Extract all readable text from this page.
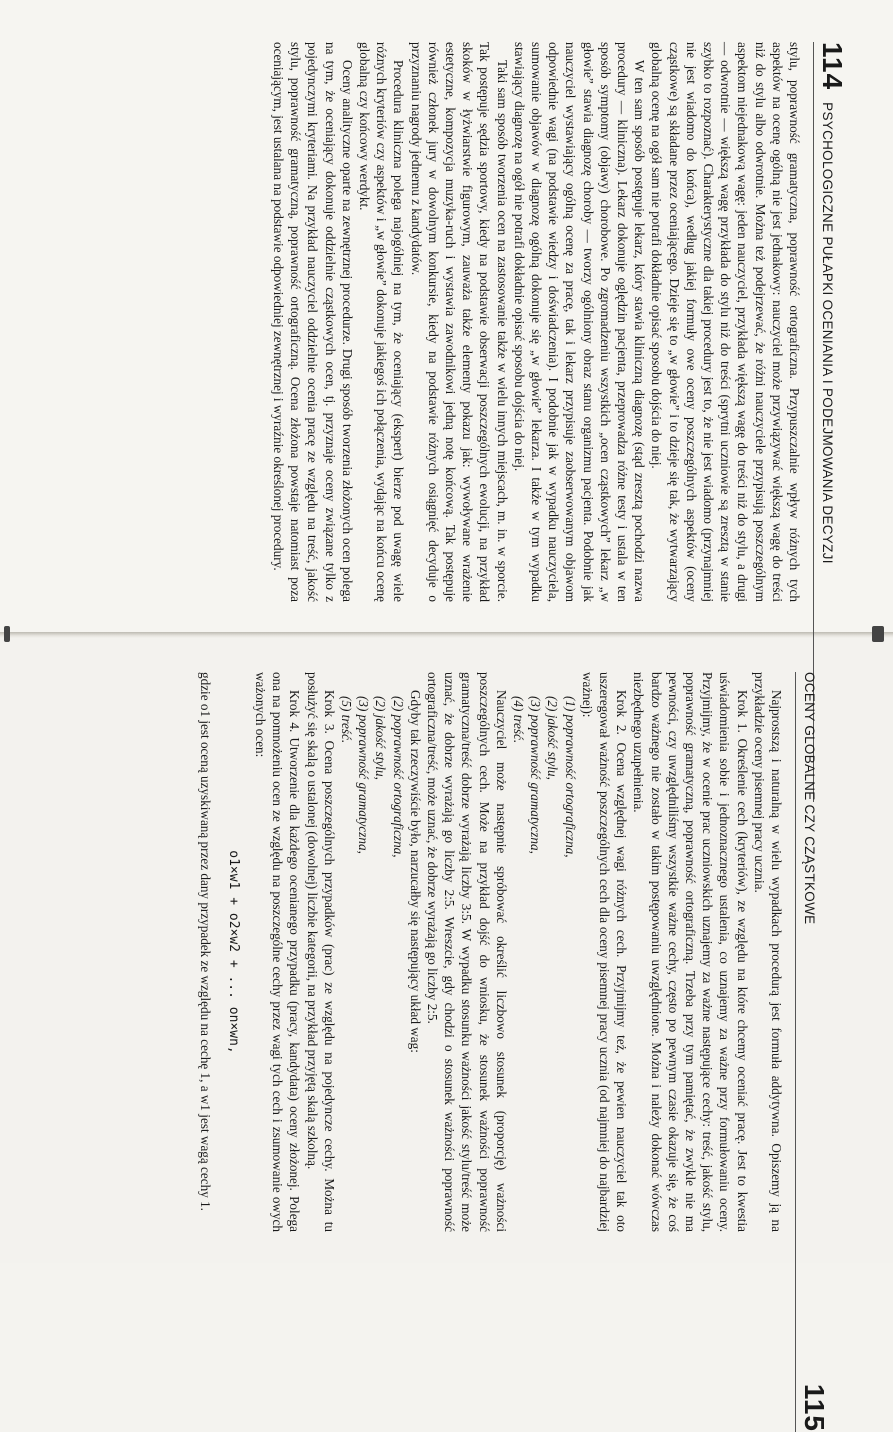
114
PSYCHOLOGICZNE PUŁAPKI OCENIANIA I PODEJMOWANIA DECYZJI

stylu, poprawność gramatyczna, poprawność ortograficzna. Przypuszczalnie wpływ różnych tych aspektów na ocenę ogólną nie jest jednakowy: nauczyciel może przywiązywać większą wagę do treści niż do stylu albo odwrotnie. Można też podejrzewać, że różni nauczyciele przypisują poszczególnym aspektom niejednakową wagę: jeden nauczyciel, przykłada większą wagę do treści niż do stylu, a drugi — odwrotnie — większą wagę przykłada do stylu niż do treści (sprytni uczniowie są zresztą w stanie szybko to rozpoznać). Charakterystyczne dla takiej procedury jest to, że nie jest wiadomo (przynajmniej nie jest wiadomo do końca), według jakiej formuły owe oceny poszczególnych aspektów (oceny cząstkowe) są składane przez oceniającego. Dzieje się to „w głowie” i to dzieje się tak, że wytwarzający globalną ocenę na ogół sam nie potrafi dokładnie opisać sposobu dojścia do niej.

W ten sam sposób postępuje lekarz, który stawia kliniczną diagnozę (stąd zresztą pochodzi nazwa procedury — kliniczna). Lekarz dokonuje oględzin pacjenta, przeprowadza różne testy i ustala w ten sposób symptomy (objawy) chorobowe. Po zgromadzeniu wszystkich „ocen cząstkowych” lekarz „w głowie” stawia diagnozę choroby — tworzy ogólniony obraz stanu organizmu pacjenta. Podobnie jak nauczyciel wystawiający ogólną ocenę za pracę, tak i lekarz przypisuje zaobserwowanym objawom odpowiednie wagi (na podstawie wiedzy i doświadczenia). I podobnie jak w wypadku nauczyciela, sumowanie objawów w diagnozę ogólną dokonuje się „w głowie” lekarza. I także w tym wypadku stawiający diagnozę na ogół nie potrafi dokładnie opisać sposobu dojścia do niej.

Taki sam sposób tworzenia ocen na zastosowanie także w wielu innych miejscach, m. in. w sporcie. Tak postępuje sędzia sportowy, kiedy na podstawie obserwacji poszczególnych ewolucji, na przykład skoków w łyżwiarstwie figurowym, zauważa także elementy pokazu jak: wywoływane wrażenie estetyczne, kompozycja muzyka-ruch i wystawia zawodnikowi jedną notę końcową. Tak postępuje również członek jury w dowolnym konkursie, kiedy na podstawie różnych osiągnięć decyduje o przyznaniu nagrody jednemu z kandydatów.

Procedura kliniczna polega najogólniej na tym, że oceniający (ekspert) bierze pod uwagę wiele różnych kryteriów czy aspektów i „w głowie” dokonuje jakiegoś ich połączenia, wydając na końcu ocenę globalną czy końcowy werdykt.

Oceny analityczne oparte na zewnętrznej procedurze. Drugi sposób tworzenia złożonych ocen polega na tym, że oceniający dokonuje oddzielnie cząstkowych ocen, tj. przyznaje oceny związane tylko z pojedynczymi kryteriami. Na przykład nauczyciel oddzielnie ocenia pracę ze względu na treść, jakość stylu, poprawność gramatyczną, poprawność ortograficzną. Ocena złożona powstaje natomiast poza oceniającym, jest ustalana na podstawie odpowiedniej zewnętrznej i wyraźnie określonej procedury.

OCENY GLOBALNE CZY CZĄSTKOWE
115

Najprostszą i naturalną w wielu wypadkach procedurą jest formuła addytywna. Opiszemy ją na przykładzie oceny pisemnej pracy ucznia.

Krok 1. Określenie cech (kryteriów), ze względu na które chcemy oceniać pracę. Jest to kwestia uświadomienia sobie i jednoznacznego ustalenia, co uznajemy za ważne przy formułowaniu oceny. Przyjmijmy, że w ocenie prac uczniowskich uznajemy za ważne następujące cechy: treść, jakość stylu, poprawność gramatyczną, poprawność ortograficzną. Trzeba przy tym pamiętać, że zwykle nie ma pewności, czy uwzględniliśmy wszystkie ważne cechy, często po pewnym czasie okazuje się, że coś bardzo ważnego nie zostało w takim postępowaniu uwzględnione. Można i należy dokonać wówczas niezbędnego uzupełnienia.

Krok 2. Ocena względnej wagi różnych cech. Przyjmijmy też, że pewien nauczyciel tak oto uszeregował ważność poszczególnych cech dla oceny pisemnej pracy ucznia (od najmniej do najbardziej ważnej):

(1) poprawność ortograficzna,
(2) jakość stylu,
(3) poprawność gramatyczna,
(4) treść.

Nauczyciel może następnie spróbować określić liczbowo stosunek (proporcję) ważności poszczególnych cech. Może na przykład dojść do wniosku, że stosunek ważności poprawność gramatyczna/treść dobrze wyrażają liczby 3:5. W wypadku stosunku ważności jakość stylu/treść może uznać, że dobrze wyrażają go liczby 2:5. Wreszcie, gdy chodzi o stosunek ważności poprawność ortograficzna/treść, może uznać, że dobrze wyrażają go liczby 2:5.

Gdyby tak rzeczywiście było, narzucałby się następujący układ wag:

(2) poprawność ortograficzna,
(2) jakość stylu,
(3) poprawność gramatyczna,
(5) treść.

Krok 3. Ocena poszczególnych przypadków (prac) ze względu na pojedyncze cechy. Można tu posłużyć się skalą o ustalonej (dowolnej) liczbie kategorii, na przykład przyjętą skalą szkolną.

Krok 4. Utworzenie dla każdego ocenianego przypadku (pracy, kandydata) oceny złożonej. Polega ona na pomnożeniu ocen ze względu na poszczególne cechy przez wagi tych cech i zsumowanie owych ważonych ocen:

o1×w1 + o2×w2 + ... on×wn,

gdzie o1 jest oceną uzyskiwaną przez dany przypadek ze względu na cechę 1, a w1 jest wagą cechy 1.
